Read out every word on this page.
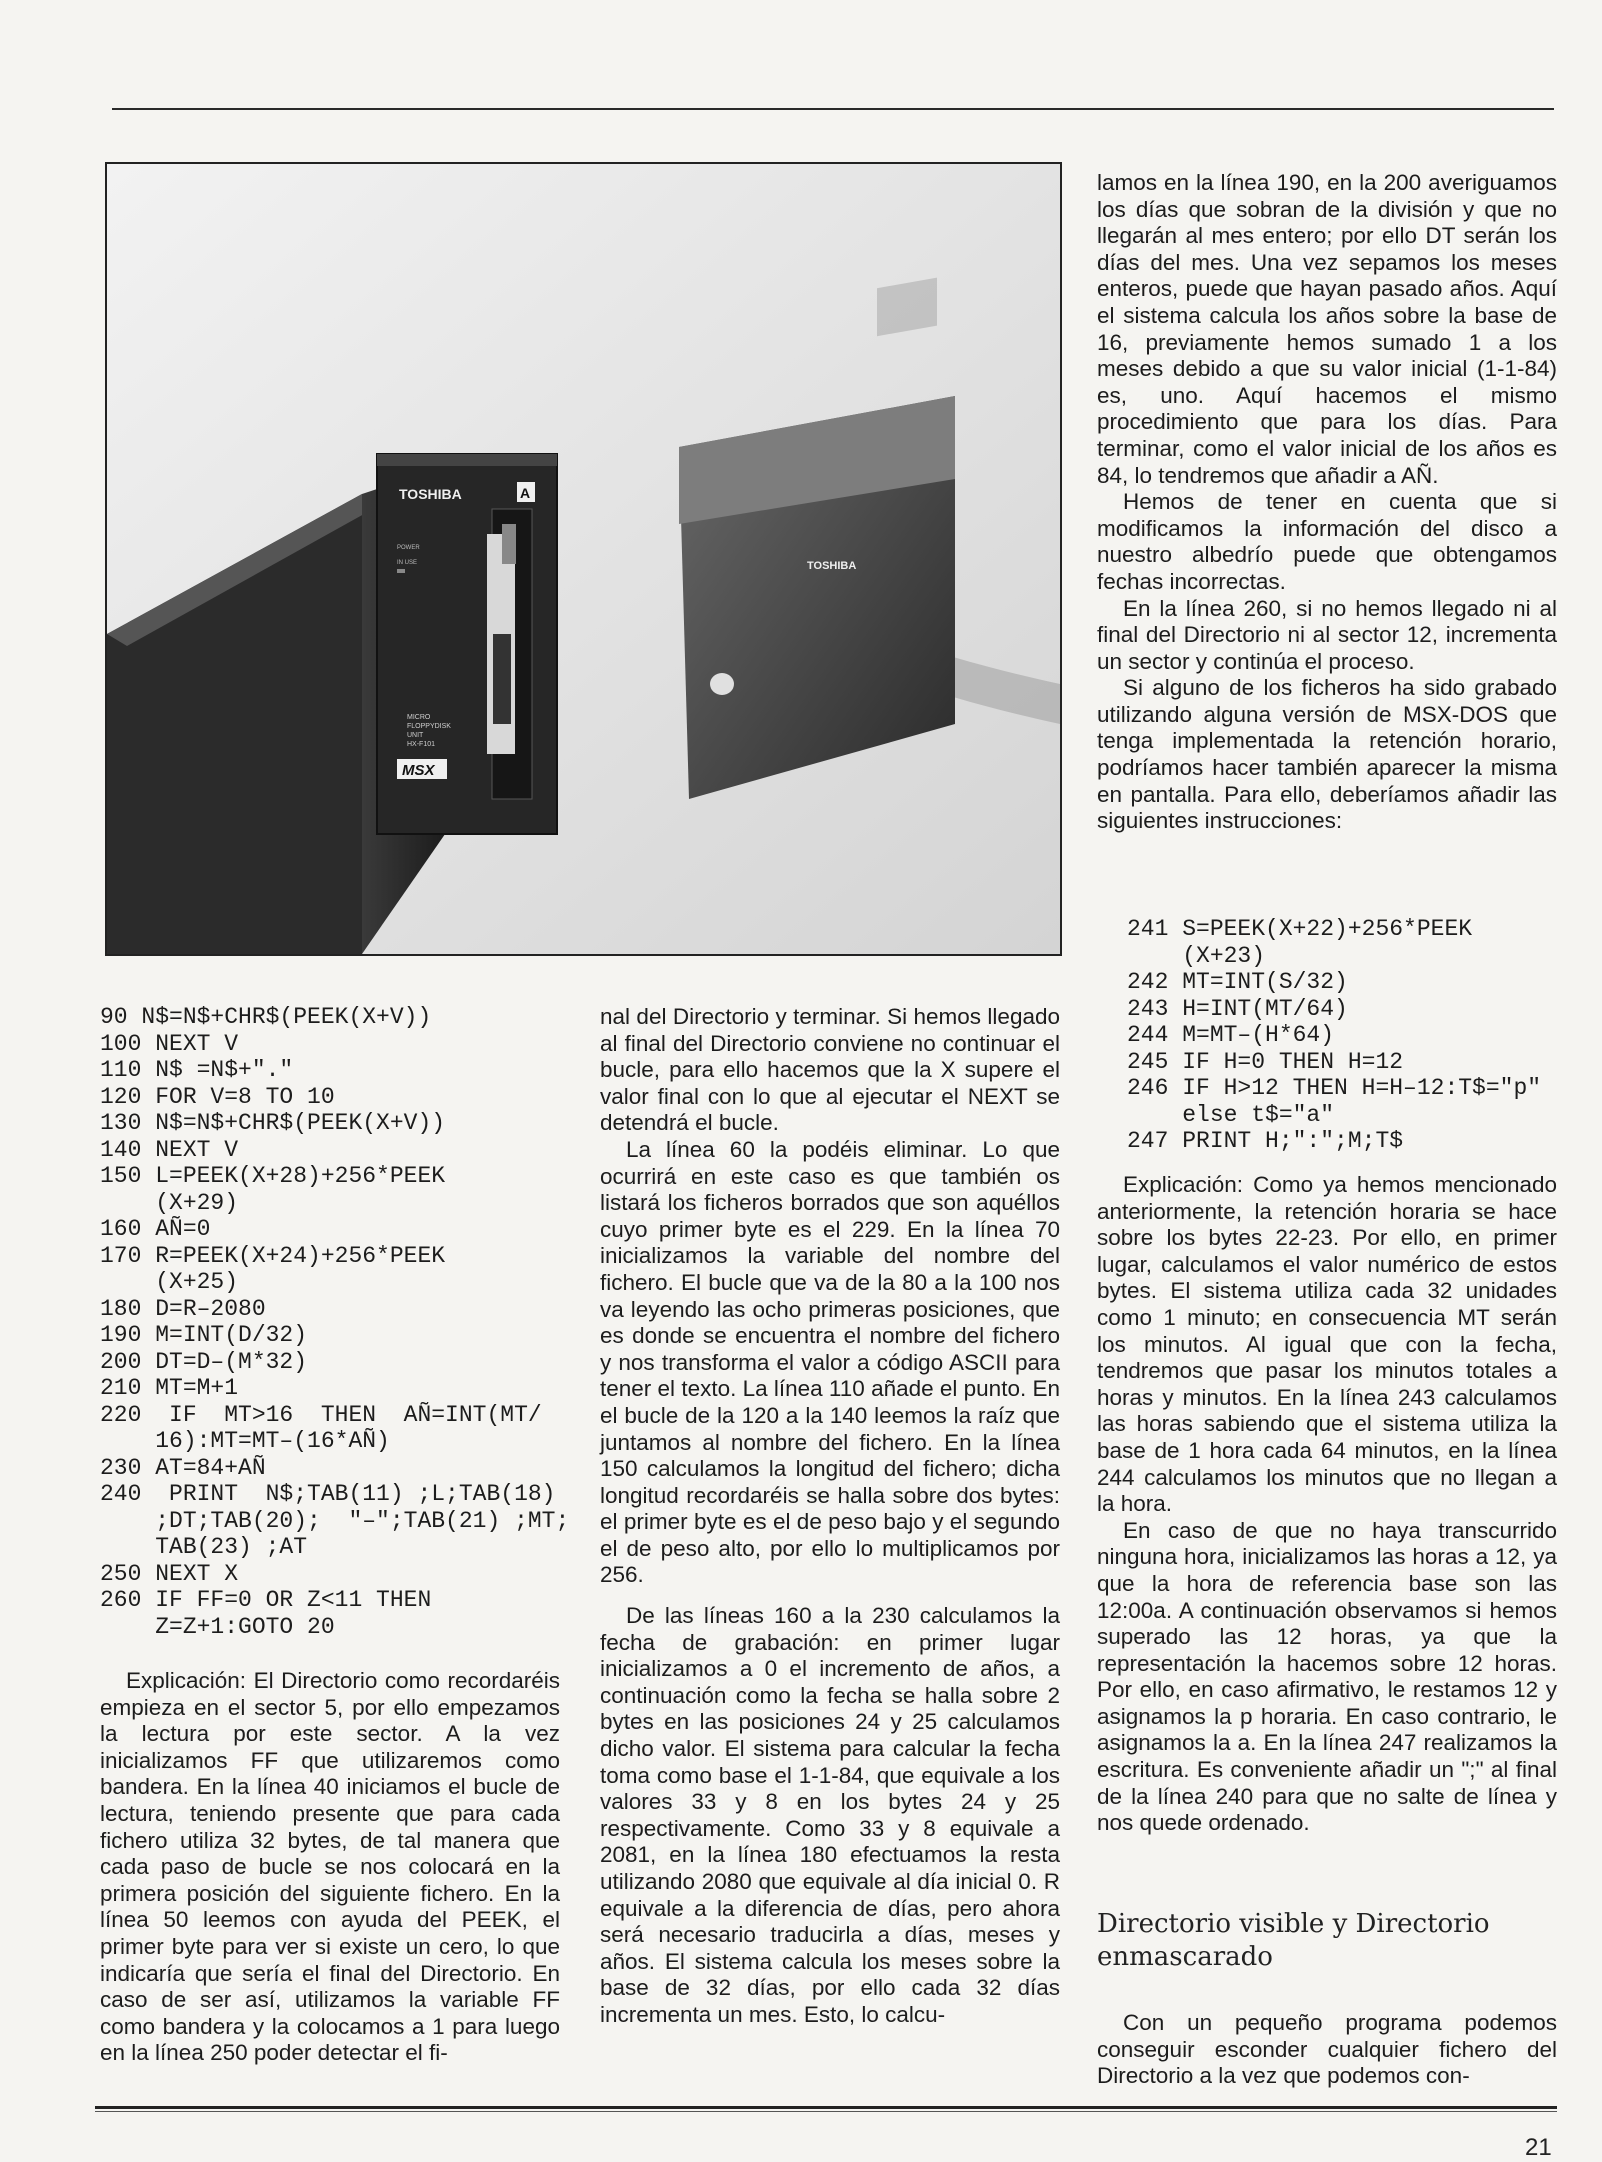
TOSHIBA	A
POWER
IN USE
MICRO
FLOPPYDISK
UNIT
HX-F101
MSX
TOSHIBA
90 N$=N$+CHR$(PEEK(X+V))
100 NEXT V
110 N$ =N$+"."
120 FOR V=8 TO 10
130 N$=N$+CHR$(PEEK(X+V))
140 NEXT V
150 L=PEEK(X+28)+256*PEEK
(X+29)
160 AÑ=0
170 R=PEEK(X+24)+256*PEEK
(X+25)
180 D=R–2080
190 M=INT(D/32)
200 DT=D–(M*32)
210 MT=M+1
220  IF  MT>16  THEN  AÑ=INT(MT/
16):MT=MT–(16*AÑ)
230 AT=84+AÑ
240  PRINT  N$;TAB(11) ;L;TAB(18)
;DT;TAB(20);  "–";TAB(21) ;MT;
TAB(23) ;AT
250 NEXT X
260 IF FF=0 OR Z<11 THEN
Z=Z+1:GOTO 20

Explicación: El Directorio como recordaréis empieza en el sector 5, por ello empezamos la lectura por este sector. A la vez inicializamos FF que utilizaremos como bandera. En la línea 40 iniciamos el bucle de lectura, teniendo presente que para cada fichero utiliza 32 bytes, de tal manera que cada paso de bucle se nos colocará en la primera posición del siguiente fichero. En la línea 50 leemos con ayuda del PEEK, el primer byte para ver si existe un cero, lo que indicaría que sería el final del Directorio. En caso de ser así, utilizamos la variable FF como bandera y la colocamos a 1 para luego en la línea 250 poder detectar el fi-

nal del Directorio y terminar. Si hemos llegado al final del Directorio conviene no continuar el bucle, para ello hacemos que la X supere el valor final con lo que al ejecutar el NEXT se detendrá el bucle.

La línea 60 la podéis eliminar. Lo que ocurrirá en este caso es que también os listará los ficheros borrados que son aquéllos cuyo primer byte es el 229. En la línea 70 inicializamos la variable del nombre del fichero. El bucle que va de la 80 a la 100 nos va leyendo las ocho primeras posiciones, que es donde se encuentra el nombre del fichero y nos transforma el valor a código ASCII para tener el texto. La línea 110 añade el punto. En el bucle de la 120 a la 140 leemos la raíz que juntamos al nombre del fichero. En la línea 150 calculamos la longitud del fichero; dicha longitud recordaréis se halla sobre dos bytes: el primer byte es el de peso bajo y el segundo el de peso alto, por ello lo multiplicamos por 256.

De las líneas 160 a la 230 calculamos la fecha de grabación: en primer lugar inicializamos a 0 el incremento de años, a continuación como la fecha se halla sobre 2 bytes en las posiciones 24 y 25 calculamos dicho valor. El sistema para calcular la fecha toma como base el 1-1-84, que equivale a los valores 33 y 8 en los bytes 24 y 25 respectivamente. Como 33 y 8 equivale a 2081, en la línea 180 efectuamos la resta utilizando 2080 que equivale al día inicial 0. R equivale a la diferencia de días, pero ahora será necesario traducirla a días, meses y años. El sistema calcula los meses sobre la base de 32 días, por ello cada 32 días incrementa un mes. Esto, lo calcu-

lamos en la línea 190, en la 200 averiguamos los días que sobran de la división y que no llegarán al mes entero; por ello DT serán los días del mes. Una vez sepamos los meses enteros, puede que hayan pasado años. Aquí el sistema calcula los años sobre la base de 16, previamente hemos sumado 1 a los meses debido a que su valor inicial (1-1-84) es, uno. Aquí hacemos el mismo procedimiento que para los días. Para terminar, como el valor inicial de los años es 84, lo tendremos que añadir a AÑ.

Hemos de tener en cuenta que si modificamos la información del disco a nuestro albedrío puede que obtengamos fechas incorrectas.

En la línea 260, si no hemos llegado ni al final del Directorio ni al sector 12, incrementa un sector y continúa el proceso.

Si alguno de los ficheros ha sido grabado utilizando alguna versión de MSX-DOS que tenga implementada la retención horario, podríamos hacer también aparecer la misma en pantalla. Para ello, deberíamos añadir las siguientes instrucciones:

241 S=PEEK(X+22)+256*PEEK
(X+23)
242 MT=INT(S/32)
243 H=INT(MT/64)
244 M=MT–(H*64)
245 IF H=0 THEN H=12
246 IF H>12 THEN H=H–12:T$="p"
else t$="a"
247 PRINT H;":";M;T$

Explicación: Como ya hemos mencionado anteriormente, la retención horaria se hace sobre los bytes 22-23. Por ello, en primer lugar, calculamos el valor numérico de estos bytes. El sistema utiliza cada 32 unidades como 1 minuto; en consecuencia MT serán los minutos. Al igual que con la fecha, tendremos que pasar los minutos totales a horas y minutos. En la línea 243 calculamos las horas sabiendo que el sistema utiliza la base de 1 hora cada 64 minutos, en la línea 244 calculamos los minutos que no llegan a la hora.

En caso de que no haya transcurrido ninguna hora, inicializamos las horas a 12, ya que la hora de referencia base son las 12:00a. A continuación observamos si hemos superado las 12 horas, ya que la representación la hacemos sobre 12 horas. Por ello, en caso afirmativo, le restamos 12 y asignamos la p horaria. En caso contrario, le asignamos la a. En la línea 247 realizamos la escritura. Es conveniente añadir un ";" al final de la línea 240 para que no salte de línea y nos quede ordenado.

Directorio visible y Directorio enmascarado

Con un pequeño programa podemos conseguir esconder cualquier fichero del Directorio a la vez que podemos con-

21
